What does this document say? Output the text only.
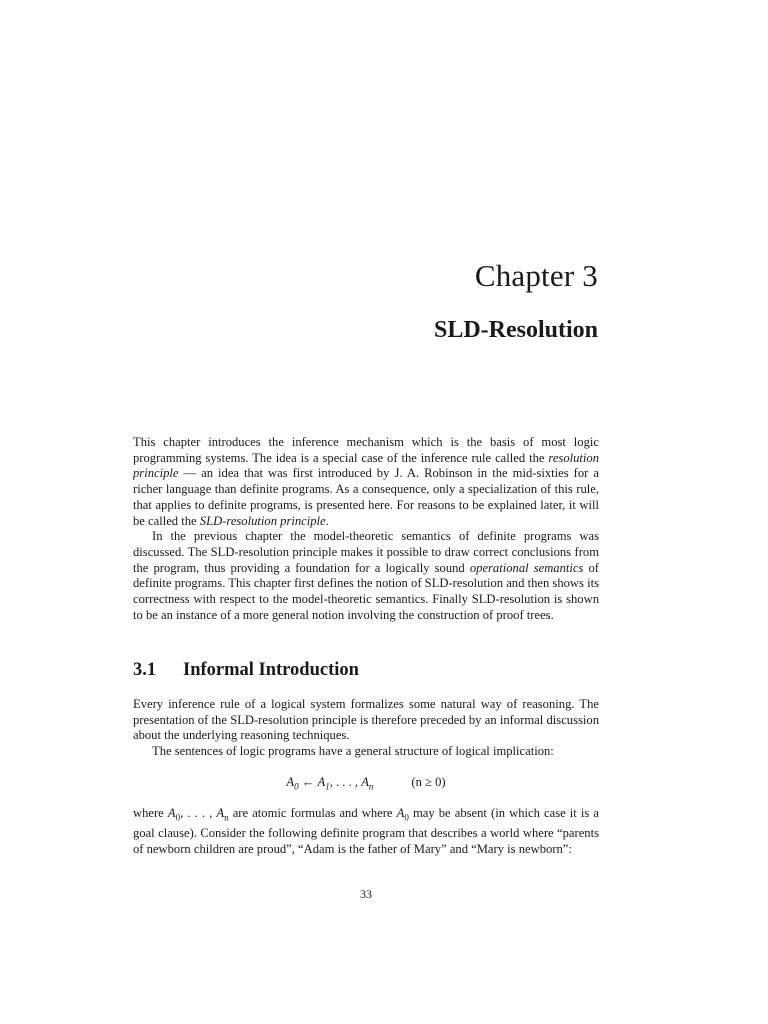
Chapter 3
SLD-Resolution

This chapter introduces the inference mechanism which is the basis of most logic programming systems. The idea is a special case of the inference rule called the resolution principle — an idea that was first introduced by J. A. Robinson in the mid-sixties for a richer language than definite programs. As a consequence, only a specialization of this rule, that applies to definite programs, is presented here. For reasons to be explained later, it will be called the SLD-resolution principle.

In the previous chapter the model-theoretic semantics of definite programs was discussed. The SLD-resolution principle makes it possible to draw correct conclusions from the program, thus providing a foundation for a logically sound operational semantics of definite programs. This chapter first defines the notion of SLD-resolution and then shows its correctness with respect to the model-theoretic semantics. Finally SLD-resolution is shown to be an instance of a more general notion involving the construction of proof trees.

3.1 Informal Introduction

Every inference rule of a logical system formalizes some natural way of reasoning. The presentation of the SLD-resolution principle is therefore preceded by an informal discussion about the underlying reasoning techniques.

The sentences of logic programs have a general structure of logical implication:

$A_0$ ← $A_1$, . . . , $A_n$	(n ≥ 0)

where $A_0$, . . . , $A_n$ are atomic formulas and where $A_0$ may be absent (in which case it is a goal clause). Consider the following definite program that describes a world where “parents of newborn children are proud”, “Adam is the father of Mary” and “Mary is newborn”:

33
